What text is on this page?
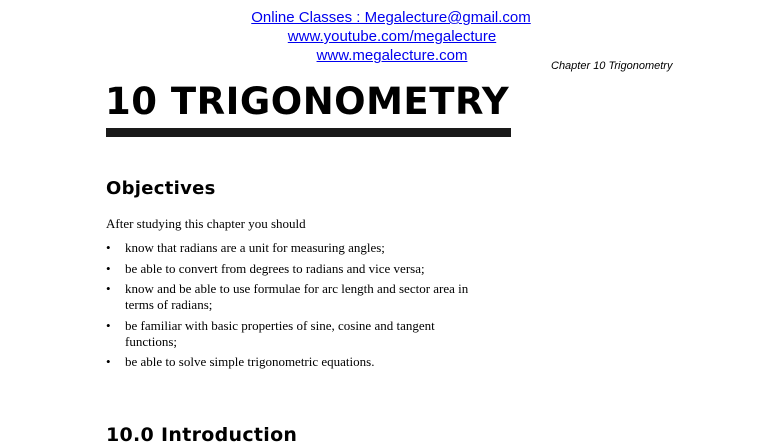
Online Classes : Megalecture@gmail.com
www.youtube.com/megalecture
www.megalecture.com
Chapter 10 Trigonometry
10 TRIGONOMETRY
Objectives
After studying this chapter you should
• know that radians are a unit for measuring angles;
• be able to convert from degrees to radians and vice versa;
• know and be able to use formulae for arc length and sector area in terms of radians;
• be familiar with basic properties of sine, cosine and tangent functions;
• be able to solve simple trigonometric equations.
10.0 Introduction
